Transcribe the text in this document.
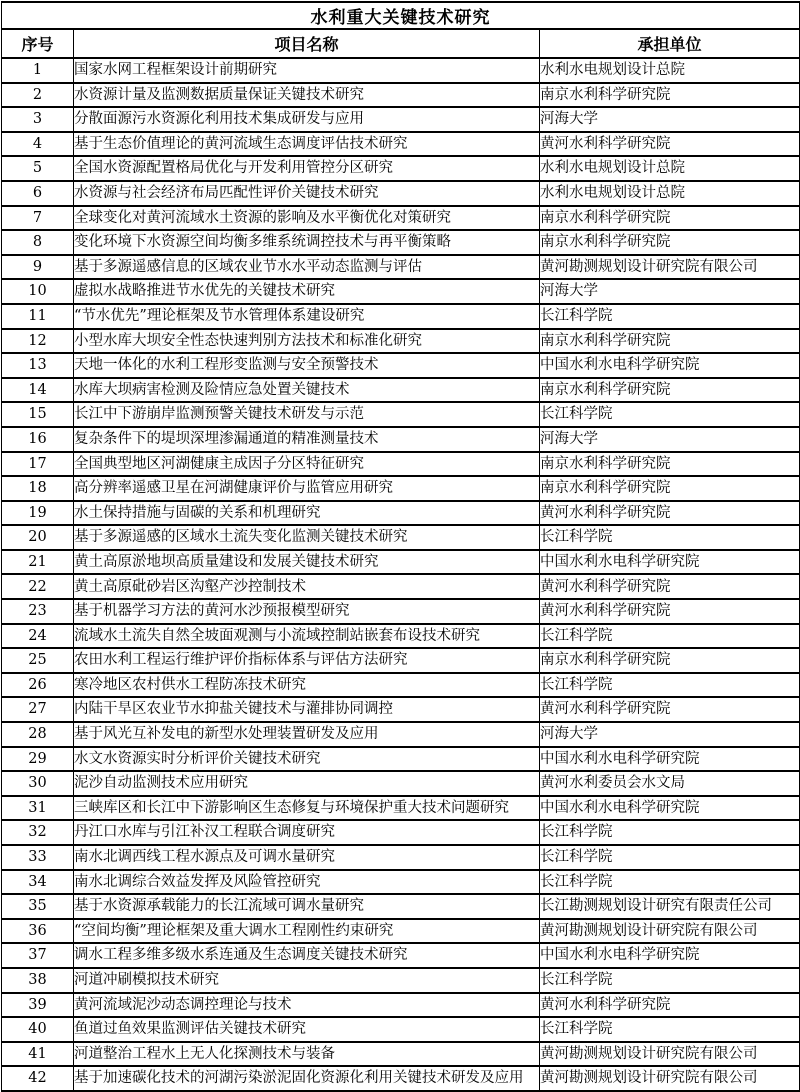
水利重大关键技术研究		
序号	项目名称	承担单位
1	国家水网工程框架设计前期研究	水利水电规划设计总院
2	水资源计量及监测数据质量保证关键技术研究	南京水利科学研究院
3	分散面源污水资源化利用技术集成研发与应用	河海大学
4	基于生态价值理论的黄河流域生态调度评估技术研究	黄河水利科学研究院
5	全国水资源配置格局优化与开发利用管控分区研究	水利水电规划设计总院
6	水资源与社会经济布局匹配性评价关键技术研究	水利水电规划设计总院
7	全球变化对黄河流域水土资源的影响及水平衡优化对策研究	南京水利科学研究院
8	变化环境下水资源空间均衡多维系统调控技术与再平衡策略	南京水利科学研究院
9	基于多源遥感信息的区域农业节水水平动态监测与评估	黄河勘测规划设计研究院有限公司
10	虚拟水战略推进节水优先的关键技术研究	河海大学
11	“节水优先”理论框架及节水管理体系建设研究	长江科学院
12	小型水库大坝安全性态快速判别方法技术和标准化研究	南京水利科学研究院
13	天地一体化的水利工程形变监测与安全预警技术	中国水利水电科学研究院
14	水库大坝病害检测及险情应急处置关键技术	南京水利科学研究院
15	长江中下游崩岸监测预警关键技术研发与示范	长江科学院
16	复杂条件下的堤坝深埋渗漏通道的精准测量技术	河海大学
17	全国典型地区河湖健康主成因子分区特征研究	南京水利科学研究院
18	高分辨率遥感卫星在河湖健康评价与监管应用研究	南京水利科学研究院
19	水土保持措施与固碳的关系和机理研究	黄河水利科学研究院
20	基于多源遥感的区域水土流失变化监测关键技术研究	长江科学院
21	黄土高原淤地坝高质量建设和发展关键技术研究	中国水利水电科学研究院
22	黄土高原砒砂岩区沟壑产沙控制技术	黄河水利科学研究院
23	基于机器学习方法的黄河水沙预报模型研究	黄河水利科学研究院
24	流域水土流失自然全坡面观测与小流域控制站嵌套布设技术研究	长江科学院
25	农田水利工程运行维护评价指标体系与评估方法研究	南京水利科学研究院
26	寒冷地区农村供水工程防冻技术研究	长江科学院
27	内陆干旱区农业节水抑盐关键技术与灌排协同调控	黄河水利科学研究院
28	基于风光互补发电的新型水处理装置研发及应用	河海大学
29	水文水资源实时分析评价关键技术研究	中国水利水电科学研究院
30	泥沙自动监测技术应用研究	黄河水利委员会水文局
31	三峡库区和长江中下游影响区生态修复与环境保护重大技术问题研究	中国水利水电科学研究院
32	丹江口水库与引江补汉工程联合调度研究	长江科学院
33	南水北调西线工程水源点及可调水量研究	长江科学院
34	南水北调综合效益发挥及风险管控研究	长江科学院
35	基于水资源承载能力的长江流域可调水量研究	长江勘测规划设计研究有限责任公司
36	“空间均衡”理论框架及重大调水工程刚性约束研究	黄河勘测规划设计研究院有限公司
37	调水工程多维多级水系连通及生态调度关键技术研究	中国水利水电科学研究院
38	河道冲刷模拟技术研究	长江科学院
39	黄河流域泥沙动态调控理论与技术	黄河水利科学研究院
40	鱼道过鱼效果监测评估关键技术研究	长江科学院
41	河道整治工程水上无人化探测技术与装备	黄河勘测规划设计研究院有限公司
42	基于加速碳化技术的河湖污染淤泥固化资源化利用关键技术研发及应用	黄河勘测规划设计研究院有限公司
